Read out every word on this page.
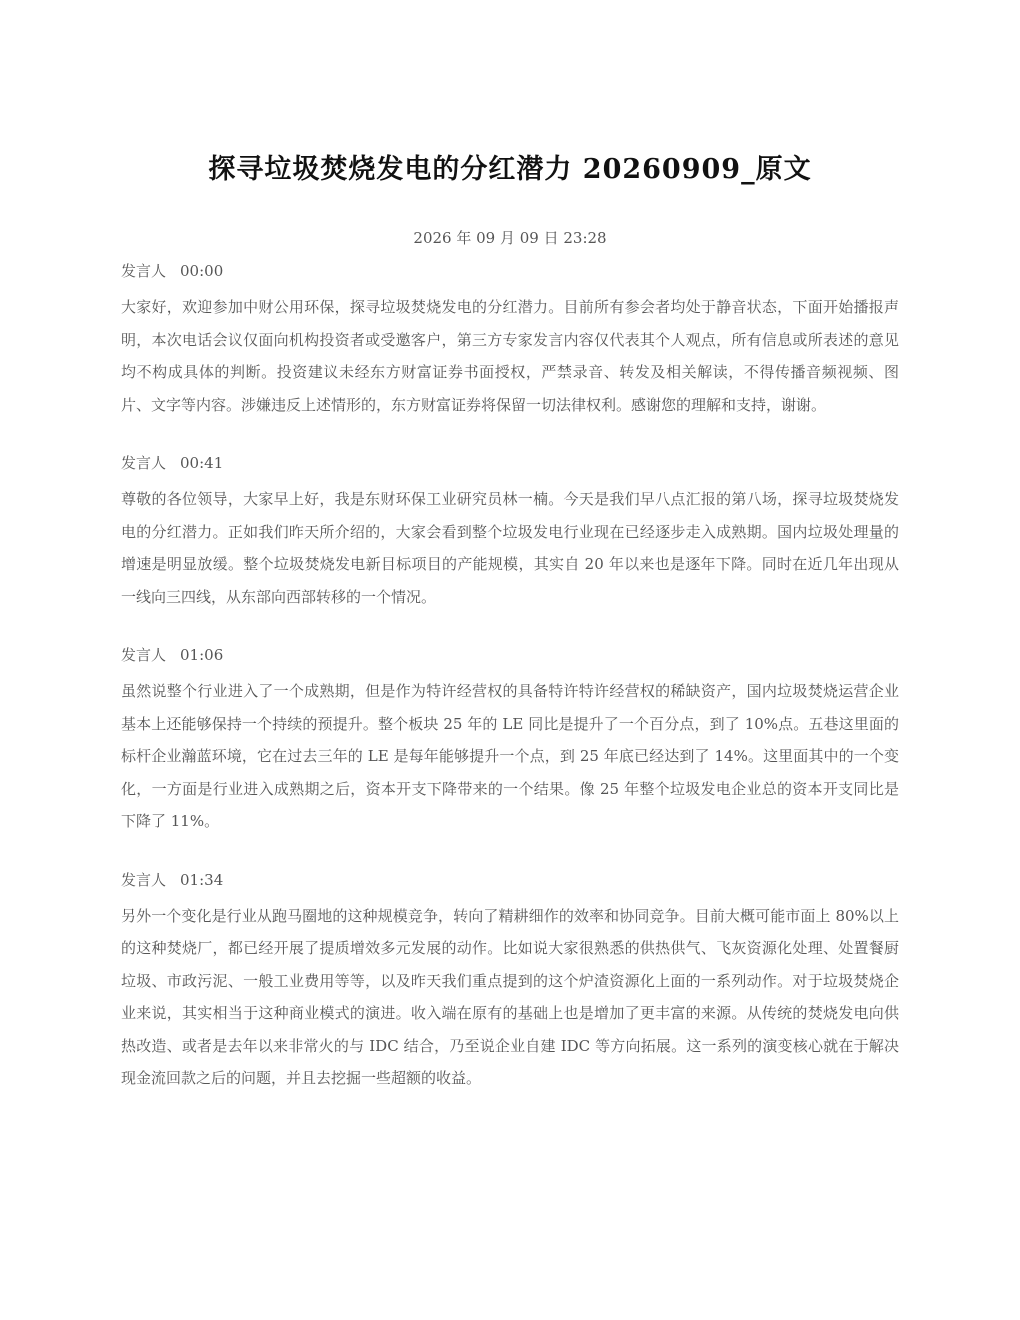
探寻垃圾焚烧发电的分红潜力 20260909_原文
2026 年 09 月 09 日 23:28
发言人 00:00

大家好，欢迎参加中财公用环保，探寻垃圾焚烧发电的分红潜力。目前所有参会者均处于静音状态，下面开始播报声明，本次电话会议仅面向机构投资者或受邀客户，第三方专家发言内容仅代表其个人观点，所有信息或所表述的意见均不构成具体的判断。投资建议未经东方财富证券书面授权，严禁录音、转发及相关解读，不得传播音频视频、图片、文字等内容。涉嫌违反上述情形的，东方财富证券将保留一切法律权利。感谢您的理解和支持，谢谢。

发言人 00:41

尊敬的各位领导，大家早上好，我是东财环保工业研究员林一楠。今天是我们早八点汇报的第八场，探寻垃圾焚烧发电的分红潜力。正如我们昨天所介绍的，大家会看到整个垃圾发电行业现在已经逐步走入成熟期。国内垃圾处理量的增速是明显放缓。整个垃圾焚烧发电新目标项目的产能规模，其实自 20 年以来也是逐年下降。同时在近几年出现从一线向三四线，从东部向西部转移的一个情况。

发言人 01:06

虽然说整个行业进入了一个成熟期，但是作为特许经营权的具备特许特许经营权的稀缺资产，国内垃圾焚烧运营企业基本上还能够保持一个持续的预提升。整个板块 25 年的 LE 同比是提升了一个百分点，到了 10%点。五巷这里面的标杆企业瀚蓝环境，它在过去三年的 LE 是每年能够提升一个点，到 25 年底已经达到了 14%。这里面其中的一个变化，一方面是行业进入成熟期之后，资本开支下降带来的一个结果。像 25 年整个垃圾发电企业总的资本开支同比是下降了 11%。

发言人 01:34

另外一个变化是行业从跑马圈地的这种规模竞争，转向了精耕细作的效率和协同竞争。目前大概可能市面上 80%以上的这种焚烧厂，都已经开展了提质增效多元发展的动作。比如说大家很熟悉的供热供气、飞灰资源化处理、处置餐厨垃圾、市政污泥、一般工业费用等等，以及昨天我们重点提到的这个炉渣资源化上面的一系列动作。对于垃圾焚烧企业来说，其实相当于这种商业模式的演进。收入端在原有的基础上也是增加了更丰富的来源。从传统的焚烧发电向供热改造、或者是去年以来非常火的与 IDC 结合，乃至说企业自建 IDC 等方向拓展。这一系列的演变核心就在于解决现金流回款之后的问题，并且去挖掘一些超额的收益。
